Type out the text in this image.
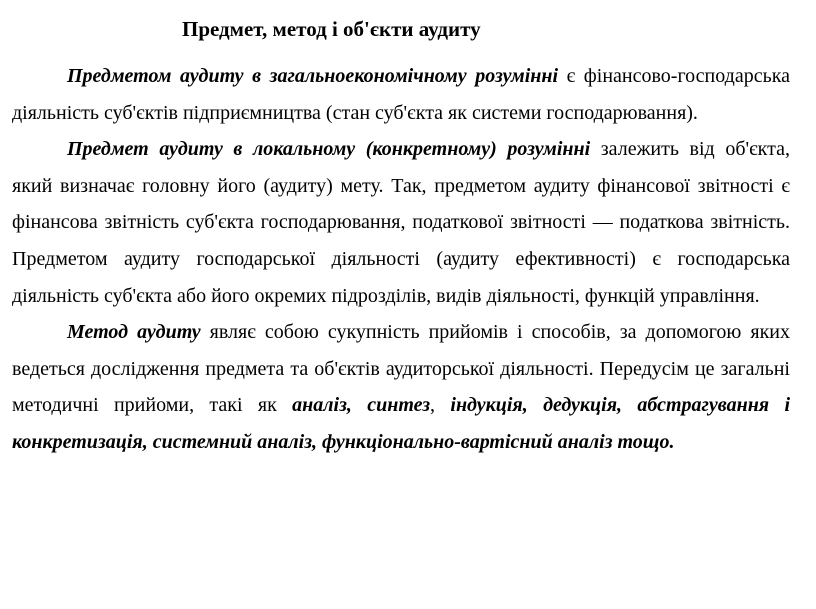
Предмет, метод і об'єкти аудиту

Предметом аудиту в загальноекономічному розумінні є фінансово-господарська діяльність суб'єктів підприємництва (стан суб'єкта як системи господарювання).

Предмет аудиту в локальному (конкретному) розумінні залежить від об'єкта, який визначає головну його (аудиту) мету. Так, предметом аудиту фінансової звітності є фінансова звітність суб'єкта господарювання, податкової звітності — податкова звітність. Предметом аудиту господарської діяльності (аудиту ефективності) є господарська діяльність суб'єкта або його окремих підрозділів, видів діяльності, функцій управління.

Метод аудиту являє собою сукупність прийомів і способів, за допомогою яких ведеться дослідження предмета та об'єктів аудиторської діяльності. Передусім це загальні методичні прийоми, такі як аналіз, синтез, індукція, дедукція, абстрагування і конкретизація, системний аналіз, функціонально-вартісний аналіз тощо.
